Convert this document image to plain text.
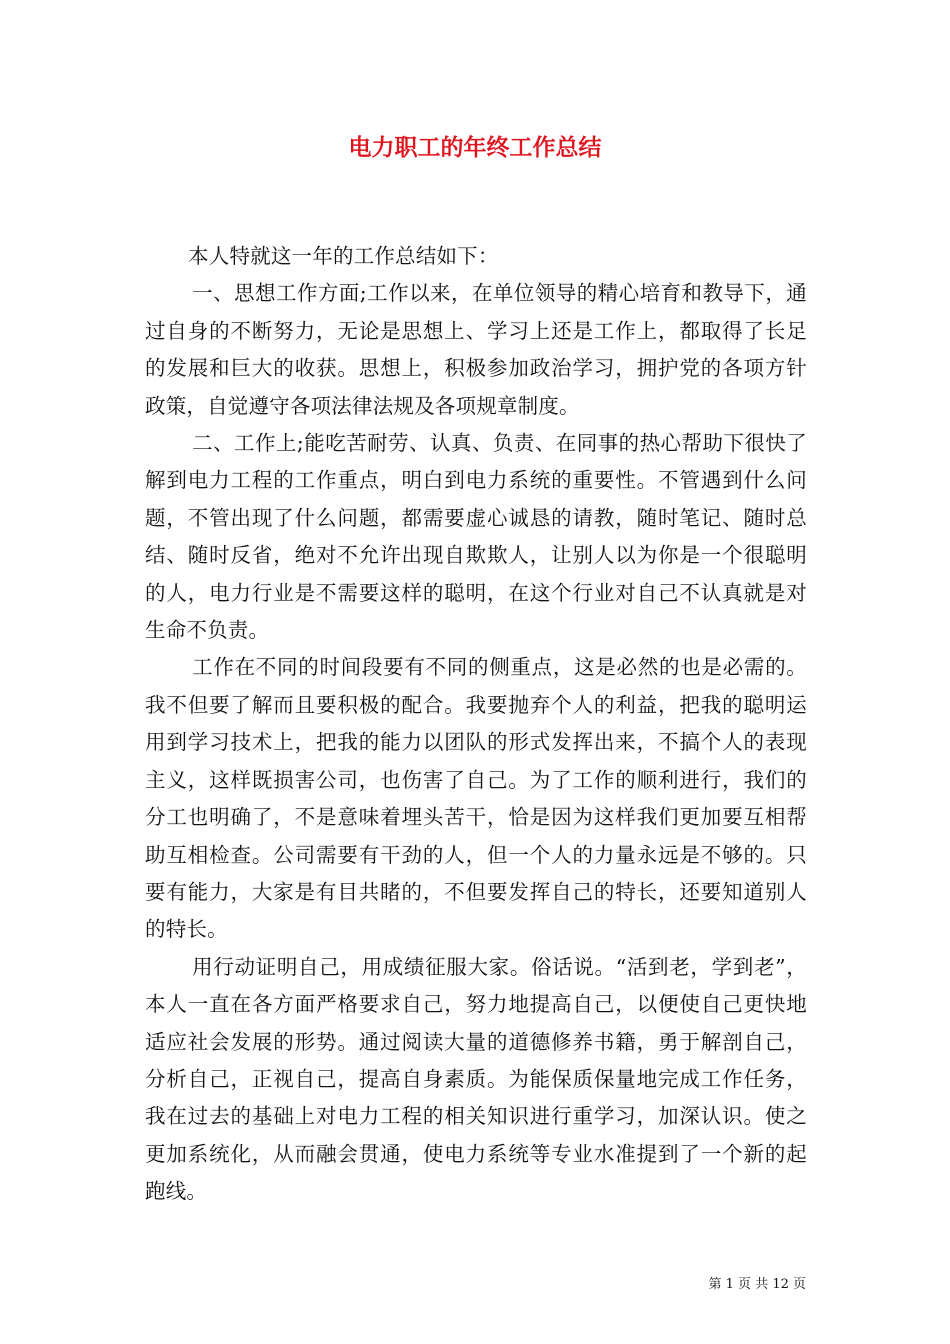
电力职工的年终工作总结

本人特就这一年的工作总结如下：

一、思想工作方面;工作以来，在单位领导的精心培育和教导下，通过自身的不断努力，无论是思想上、学习上还是工作上，都取得了长足的发展和巨大的收获。思想上，积极参加政治学习，拥护党的各项方针政策，自觉遵守各项法律法规及各项规章制度。

二、工作上;能吃苦耐劳、认真、负责、在同事的热心帮助下很快了解到电力工程的工作重点，明白到电力系统的重要性。不管遇到什么问题，不管出现了什么问题，都需要虚心诚恳的请教，随时笔记、随时总结、随时反省，绝对不允许出现自欺欺人，让别人以为你是一个很聪明的人，电力行业是不需要这样的聪明，在这个行业对自己不认真就是对生命不负责。

工作在不同的时间段要有不同的侧重点，这是必然的也是必需的。我不但要了解而且要积极的配合。我要抛弃个人的利益，把我的聪明运用到学习技术上，把我的能力以团队的形式发挥出来，不搞个人的表现主义，这样既损害公司，也伤害了自己。为了工作的顺利进行，我们的分工也明确了，不是意味着埋头苦干，恰是因为这样我们更加要互相帮助互相检查。公司需要有干劲的人，但一个人的力量永远是不够的。只要有能力，大家是有目共睹的，不但要发挥自己的特长，还要知道别人的特长。

用行动证明自己，用成绩征服大家。俗话说。“活到老，学到老”，本人一直在各方面严格要求自己，努力地提高自己，以便使自己更快地适应社会发展的形势。通过阅读大量的道德修养书籍，勇于解剖自己，分析自己，正视自己，提高自身素质。为能保质保量地完成工作任务，我在过去的基础上对电力工程的相关知识进行重学习，加深认识。使之更加系统化，从而融会贯通，使电力系统等专业水准提到了一个新的起跑线。

第 1 页 共 12 页
